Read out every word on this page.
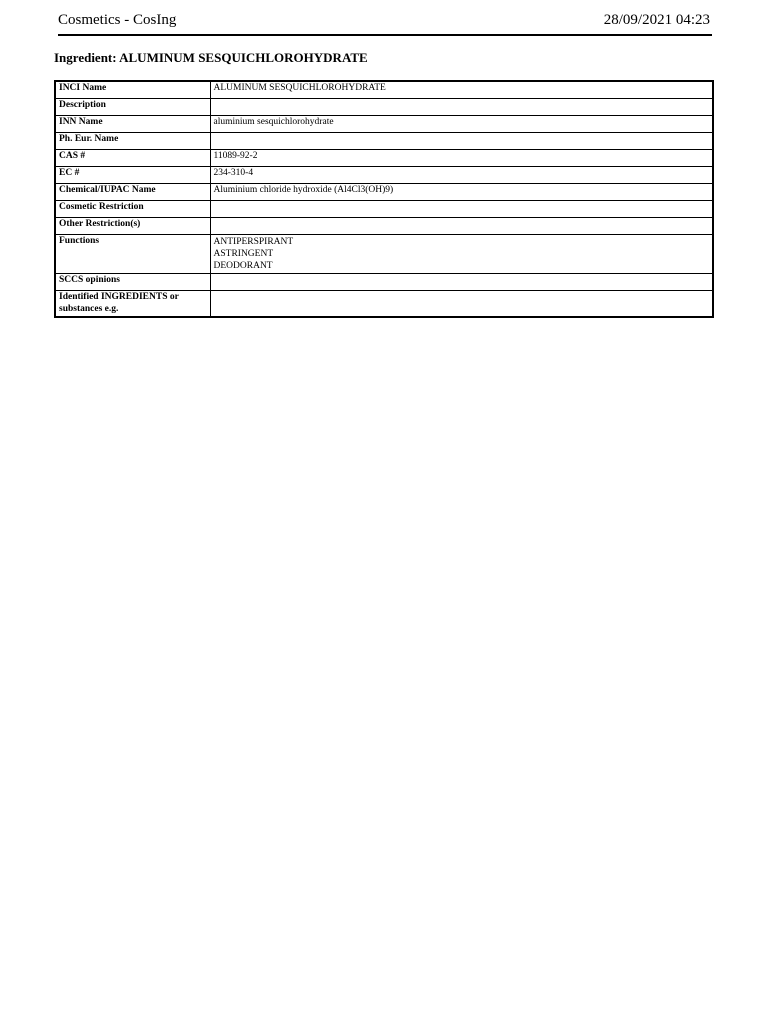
Cosmetics - CosIng	28/09/2021 04:23
Ingredient: ALUMINUM SESQUICHLOROHYDRATE
INCI Name	ALUMINUM SESQUICHLOROHYDRATE
Description	
INN Name	aluminium sesquichlorohydrate
Ph. Eur. Name	
CAS #	11089-92-2
EC #	234-310-4
Chemical/IUPAC Name	Aluminium chloride hydroxide (Al4Cl3(OH)9)
Cosmetic Restriction	
Other Restriction(s)	
Functions	ANTIPERSPIRANT
ASTRINGENT
DEODORANT

SCCS opinions	
Identified INGREDIENTS or substances e.g.	
